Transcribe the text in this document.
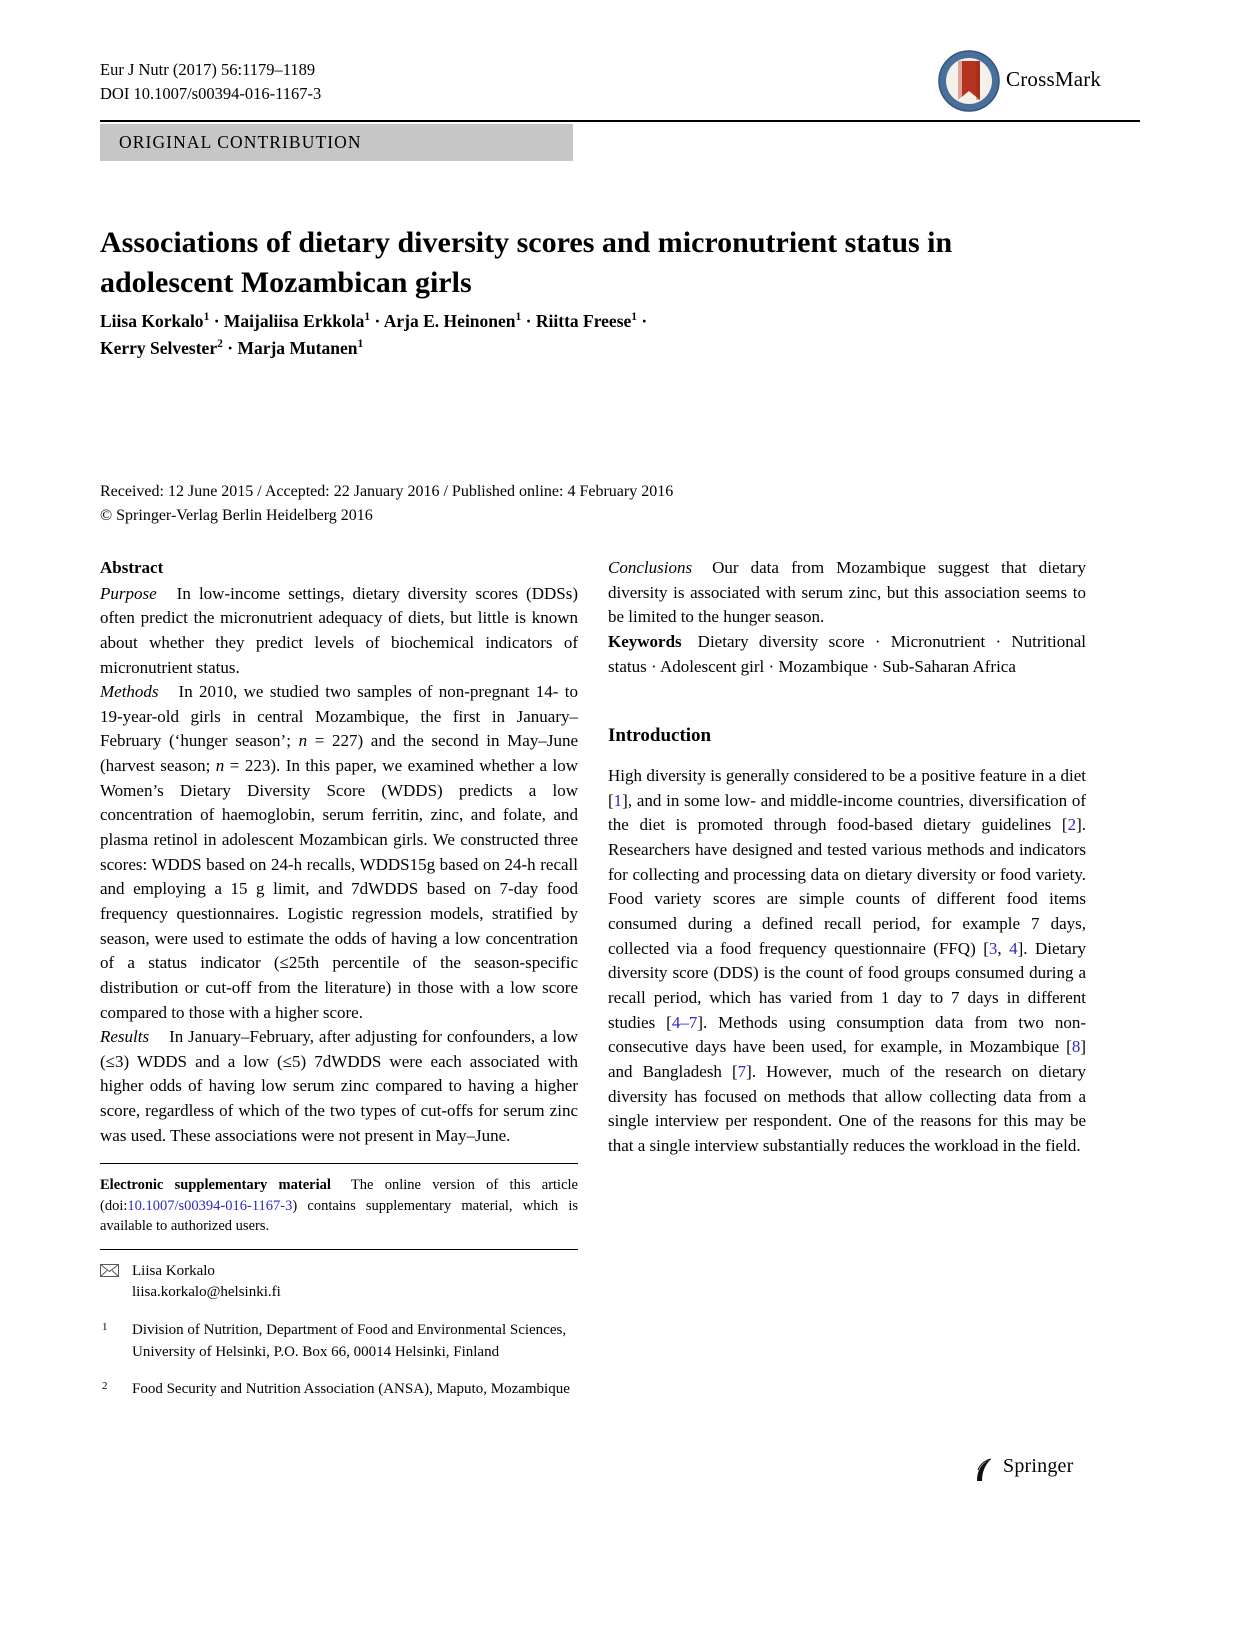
Eur J Nutr (2017) 56:1179–1189
DOI 10.1007/s00394-016-1167-3
CrossMark
ORIGINAL CONTRIBUTION
Associations of dietary diversity scores and micronutrient status in adolescent Mozambican girls
Liisa Korkalo$^1$ · Maijaliisa Erkkola$^1$ · Arja E. Heinonen$^1$ · Riitta Freese$^1$ ·
Kerry Selvester$^2$ · Marja Mutanen$^1$
Received: 12 June 2015 / Accepted: 22 January 2016 / Published online: 4 February 2016
© Springer-Verlag Berlin Heidelberg 2016
Abstract

Purpose In low-income settings, dietary diversity scores (DDSs) often predict the micronutrient adequacy of diets, but little is known about whether they predict levels of biochemical indicators of micronutrient status.

Methods In 2010, we studied two samples of non-pregnant 14- to 19-year-old girls in central Mozambique, the first in January–February (‘hunger season’; n = 227) and the second in May–June (harvest season; n = 223). In this paper, we examined whether a low Women’s Dietary Diversity Score (WDDS) predicts a low concentration of haemoglobin, serum ferritin, zinc, and folate, and plasma retinol in adolescent Mozambican girls. We constructed three scores: WDDS based on 24-h recalls, WDDS15g based on 24-h recall and employing a 15 g limit, and 7dWDDS based on 7-day food frequency questionnaires. Logistic regression models, stratified by season, were used to estimate the odds of having a low concentration of a status indicator (≤25th percentile of the season-specific distribution or cut-off from the literature) in those with a low score compared to those with a higher score.

Results In January–February, after adjusting for confounders, a low (≤3) WDDS and a low (≤5) 7dWDDS were each associated with higher odds of having low serum zinc compared to having a higher score, regardless of which of the two types of cut-offs for serum zinc was used. These associations were not present in May–June.

Conclusions Our data from Mozambique suggest that dietary diversity is associated with serum zinc, but this association seems to be limited to the hunger season.

Keywords Dietary diversity score · Micronutrient · Nutritional status · Adolescent girl · Mozambique · Sub-Saharan Africa

Introduction

High diversity is generally considered to be a positive feature in a diet [1], and in some low- and middle-income countries, diversification of the diet is promoted through food-based dietary guidelines [2]. Researchers have designed and tested various methods and indicators for collecting and processing data on dietary diversity or food variety. Food variety scores are simple counts of different food items consumed during a defined recall period, for example 7 days, collected via a food frequency questionnaire (FFQ) [3, 4]. Dietary diversity score (DDS) is the count of food groups consumed during a recall period, which has varied from 1 day to 7 days in different studies [4–7]. Methods using consumption data from two non-consecutive days have been used, for example, in Mozambique [8] and Bangladesh [7]. However, much of the research on dietary diversity has focused on methods that allow collecting data from a single interview per respondent. One of the reasons for this may be that a single interview substantially reduces the workload in the field.

Electronic supplementary material The online version of this article (doi:10.1007/s00394-016-1167-3) contains supplementary material, which is available to authorized users.
Liisa Korkalo
liisa.korkalo@helsinki.fi
1 Division of Nutrition, Department of Food and Environmental Sciences, University of Helsinki, P.O. Box 66, 00014 Helsinki, Finland
2 Food Security and Nutrition Association (ANSA), Maputo, Mozambique
Springer
